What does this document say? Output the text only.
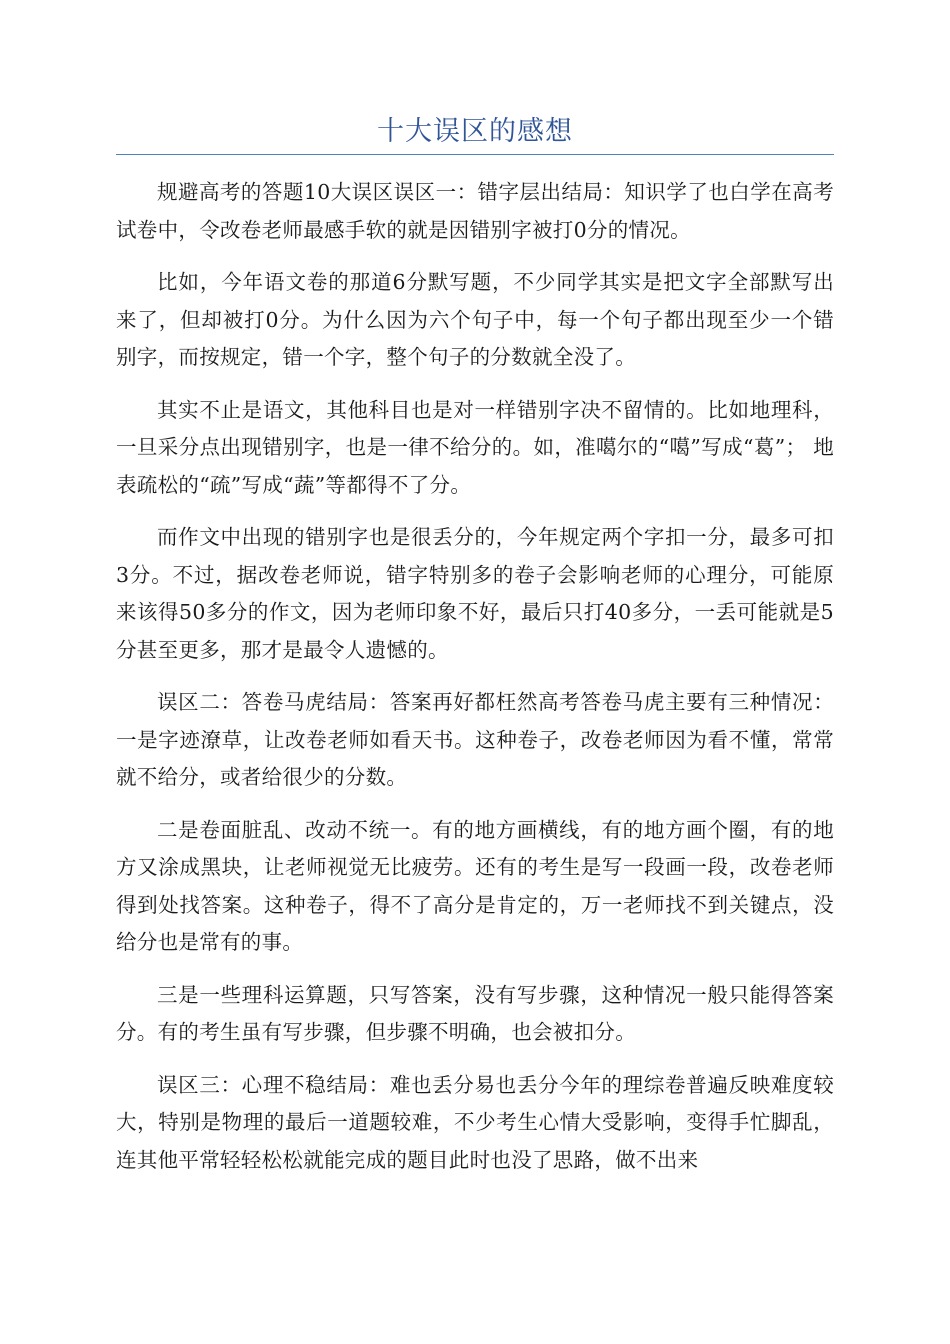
十大误区的感想

规避高考的答题10大误区误区一：错字层出结局：知识学了也白学在高考试卷中，令改卷老师最感手软的就是因错别字被打0分的情况。

比如，今年语文卷的那道6分默写题，不少同学其实是把文字全部默写出来了，但却被打0分。为什么因为六个句子中，每一个句子都出现至少一个错别字，而按规定，错一个字，整个句子的分数就全没了。

其实不止是语文，其他科目也是对一样错别字决不留情的。比如地理科，一旦采分点出现错别字，也是一律不给分的。如，准噶尔的“噶”写成“葛”； 地表疏松的“疏”写成“蔬”等都得不了分。

而作文中出现的错别字也是很丢分的，今年规定两个字扣一分，最多可扣3分。不过，据改卷老师说，错字特别多的卷子会影响老师的心理分，可能原来该得50多分的作文，因为老师印象不好，最后只打40多分，一丢可能就是5分甚至更多，那才是最令人遗憾的。

误区二：答卷马虎结局：答案再好都枉然高考答卷马虎主要有三种情况： 一是字迹潦草，让改卷老师如看天书。这种卷子，改卷老师因为看不懂，常常就不给分，或者给很少的分数。

二是卷面脏乱、改动不统一。有的地方画横线，有的地方画个圈，有的地方又涂成黑块，让老师视觉无比疲劳。还有的考生是写一段画一段，改卷老师得到处找答案。这种卷子，得不了高分是肯定的，万一老师找不到关键点，没给分也是常有的事。

三是一些理科运算题，只写答案，没有写步骤，这种情况一般只能得答案分。有的考生虽有写步骤，但步骤不明确，也会被扣分。

误区三：心理不稳结局：难也丢分易也丢分今年的理综卷普遍反映难度较大，特别是物理的最后一道题较难，不少考生心情大受影响，变得手忙脚乱，连其他平常轻轻松松就能完成的题目此时也没了思路，做不出来
